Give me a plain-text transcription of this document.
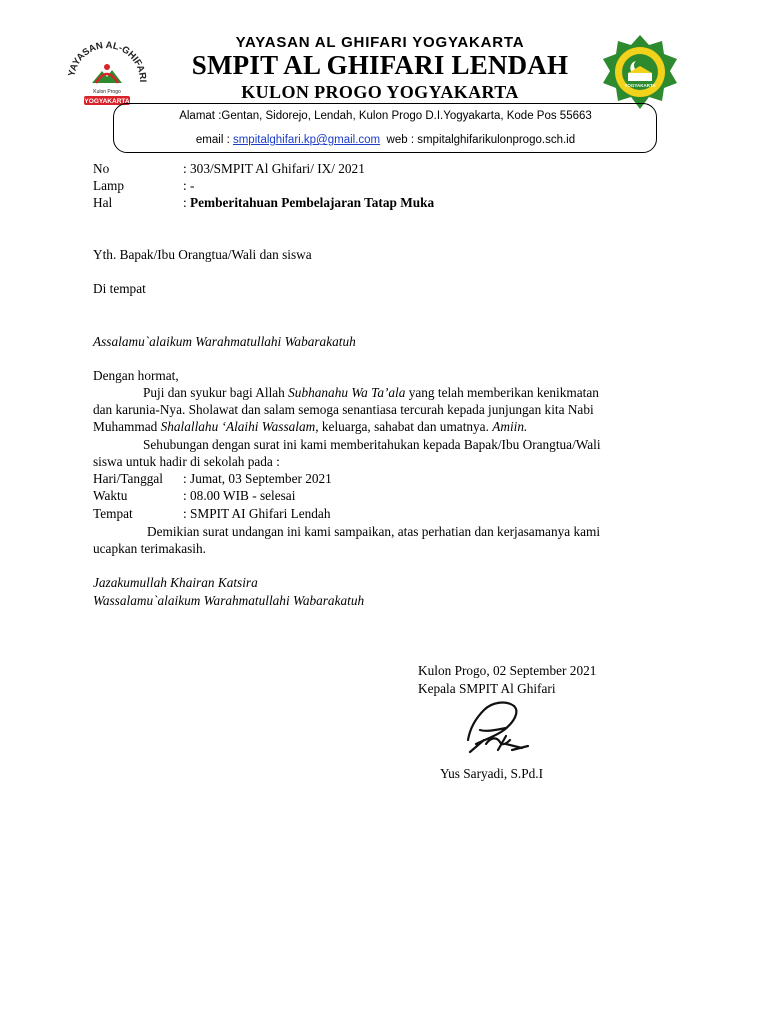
YAYASAN AL-GHIFARI
Kulon Progo
YOGYAKARTA
YOGYAKARTA
YAYASAN AL GHIFARI YOGYAKARTA
SMPIT AL GHIFARI LENDAH
KULON PROGO YOGYAKARTA
Alamat :Gentan, Sidorejo, Lendah, Kulon Progo D.I.Yogyakarta, Kode Pos 55663
email : smpitalghifari.kp@gmail.com web : smpitalghifarikulonprogo.sch.id
No	: 303/SMPIT Al Ghifari/ IX/ 2021
Lamp	: -
Hal	: Pemberitahuan Pembelajaran Tatap Muka
Yth. Bapak/Ibu Orangtua/Wali dan siswa
Di tempat
Assalamu`alaikum Warahmatullahi Wabarakatuh
Dengan hormat,
Puji dan syukur bagi Allah Subhanahu Wa Ta’ala yang telah memberikan kenikmatan
dan karunia-Nya. Sholawat dan salam semoga senantiasa tercurah kepada junjungan kita Nabi
Muhammad Shalallahu ‘Alaihi Wassalam, keluarga, sahabat dan umatnya. Amiin.
Sehubungan dengan surat ini kami memberitahukan kepada Bapak/Ibu Orangtua/Wali
siswa untuk hadir di sekolah pada :
Hari/Tanggal : Jumat, 03 September 2021
Waktu	: 08.00 WIB - selesai
Tempat	: SMPIT AI Ghifari Lendah
Demikian surat undangan ini kami sampaikan, atas perhatian dan kerjasamanya kami
ucapkan terimakasih.
Jazakumullah Khairan Katsira
Wassalamu`alaikum Warahmatullahi Wabarakatuh
Kulon Progo, 02 September 2021
Kepala SMPIT Al Ghifari
Yus Saryadi, S.Pd.I
